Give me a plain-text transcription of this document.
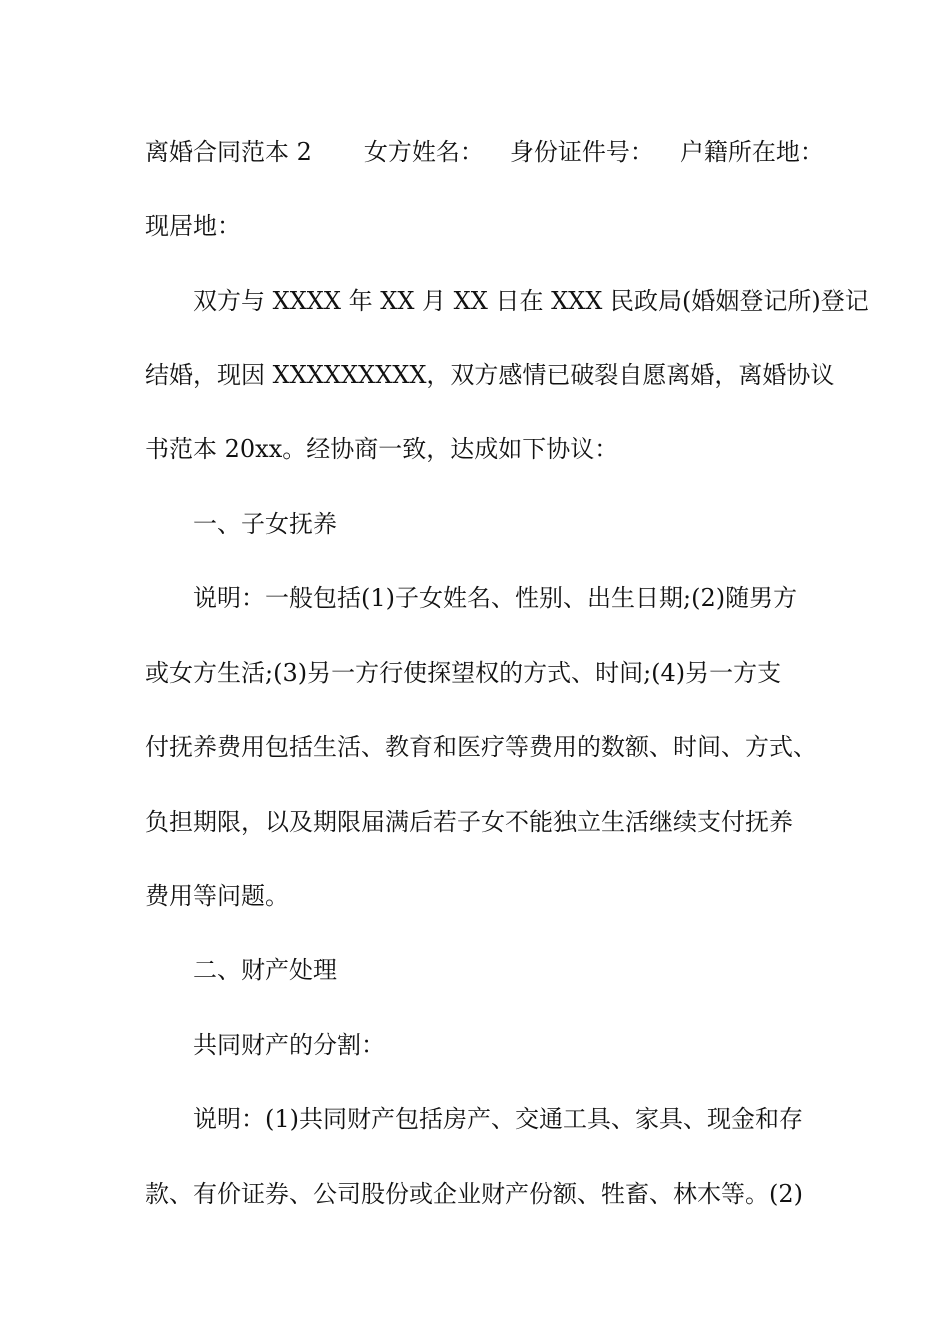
离婚合同范本 2 女方姓名： 身份证件号： 户籍所在地：
现居地：
双方与 XXXX 年 XX 月 XX 日在 XXX 民政局(婚姻登记所)登记
结婚，现因 XXXXXXXXX，双方感情已破裂自愿离婚，离婚协议
书范本 20xx。经协商一致，达成如下协议：
一、子女抚养
说明：一般包括(1)子女姓名、性别、出生日期;(2)随男方
或女方生活;(3)另一方行使探望权的方式、时间;(4)另一方支
付抚养费用包括生活、教育和医疗等费用的数额、时间、方式、
负担期限，以及期限届满后若子女不能独立生活继续支付抚养
费用等问题。
二、财产处理
共同财产的分割：
说明：(1)共同财产包括房产、交通工具、家具、现金和存
款、有价证券、公司股份或企业财产份额、牲畜、林木等。(2)
